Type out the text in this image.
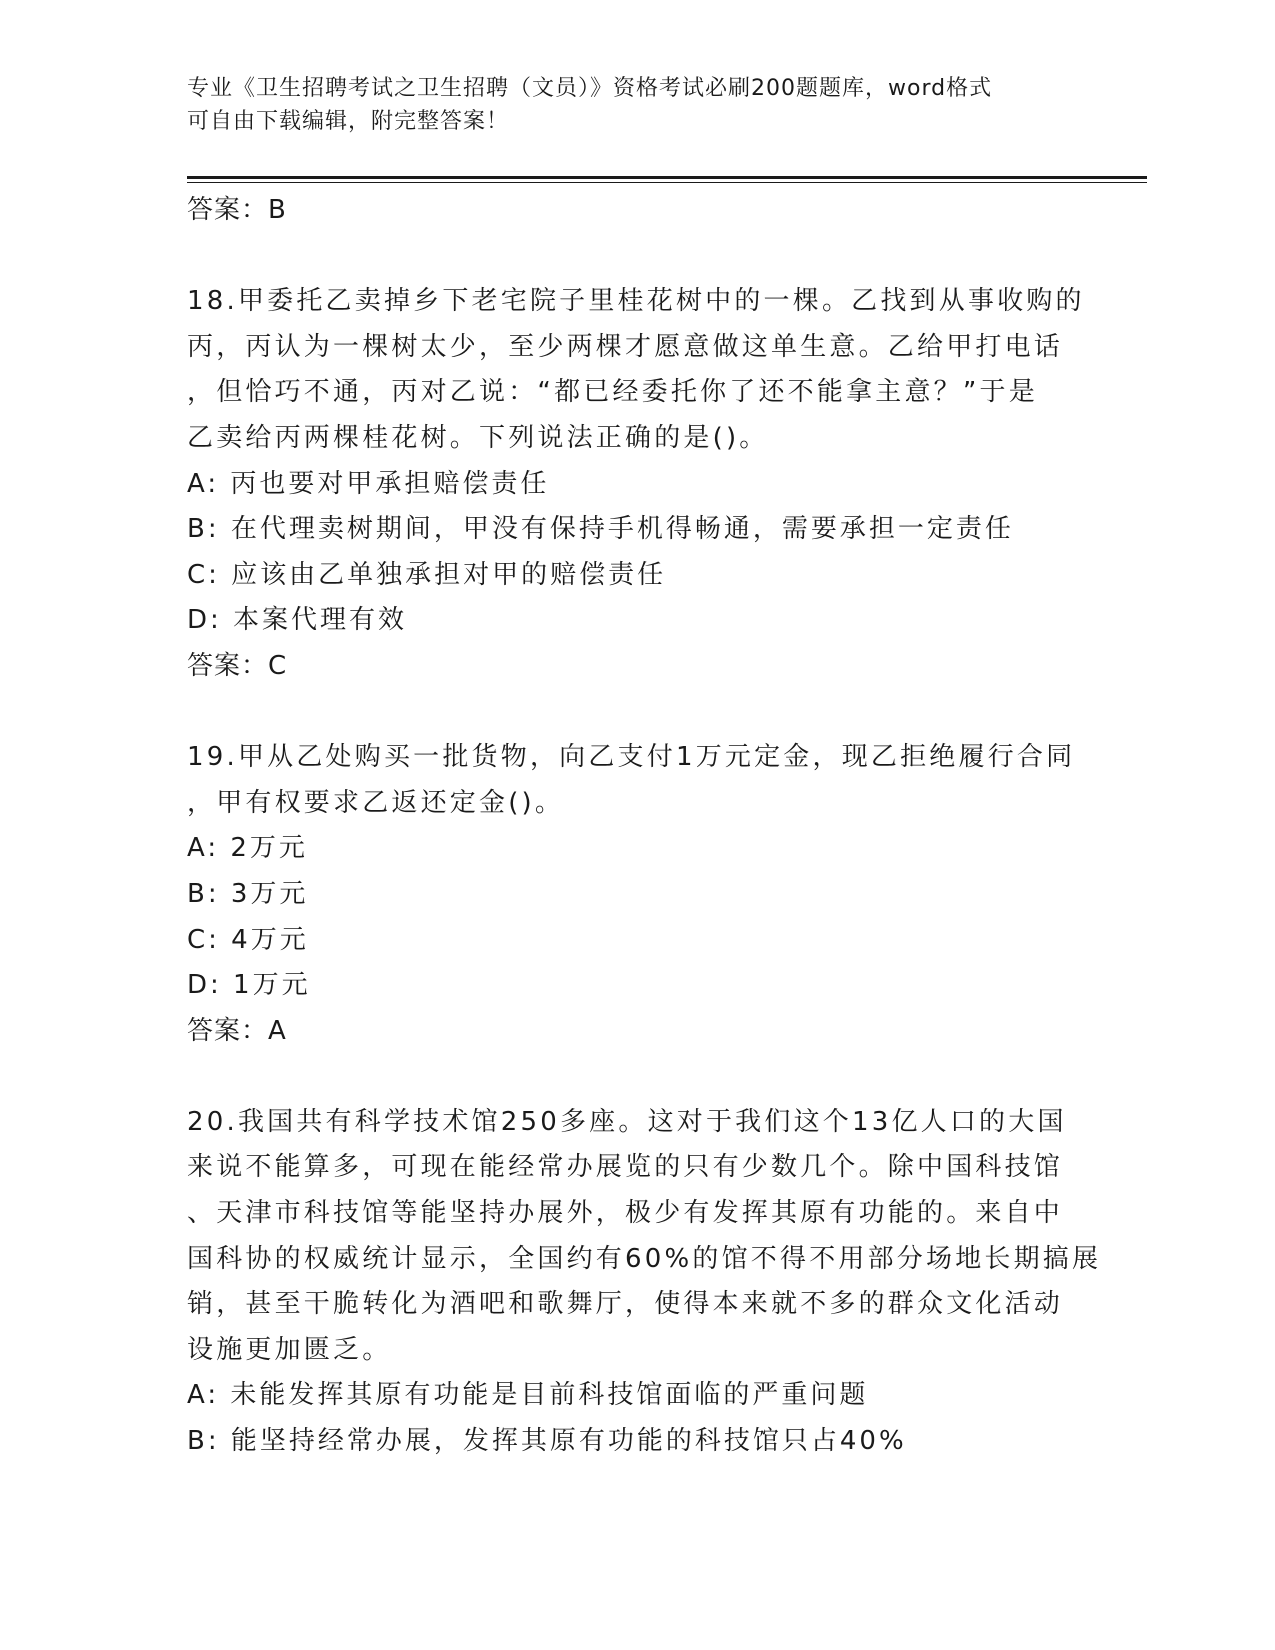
专业《卫生招聘考试之卫生招聘（文员）》资格考试必刷200题题库，word格式
可自由下载编辑，附完整答案！
答案：B
18.甲委托乙卖掉乡下老宅院子里桂花树中的一棵。乙找到从事收购的
丙，丙认为一棵树太少，至少两棵才愿意做这单生意。乙给甲打电话
，但恰巧不通，丙对乙说：“都已经委托你了还不能拿主意？”于是
乙卖给丙两棵桂花树。下列说法正确的是()。
A: 丙也要对甲承担赔偿责任
B: 在代理卖树期间，甲没有保持手机得畅通，需要承担一定责任
C: 应该由乙单独承担对甲的赔偿责任
D: 本案代理有效
答案：C
19.甲从乙处购买一批货物，向乙支付1万元定金，现乙拒绝履行合同
，甲有权要求乙返还定金()。
A: 2万元
B: 3万元
C: 4万元
D: 1万元
答案：A
20.我国共有科学技术馆250多座。这对于我们这个13亿人口的大国
来说不能算多，可现在能经常办展览的只有少数几个。除中国科技馆
、天津市科技馆等能坚持办展外，极少有发挥其原有功能的。来自中
国科协的权威统计显示，全国约有60%的馆不得不用部分场地长期搞展
销，甚至干脆转化为酒吧和歌舞厅，使得本来就不多的群众文化活动
设施更加匮乏。
A: 未能发挥其原有功能是目前科技馆面临的严重问题
B: 能坚持经常办展，发挥其原有功能的科技馆只占40%
